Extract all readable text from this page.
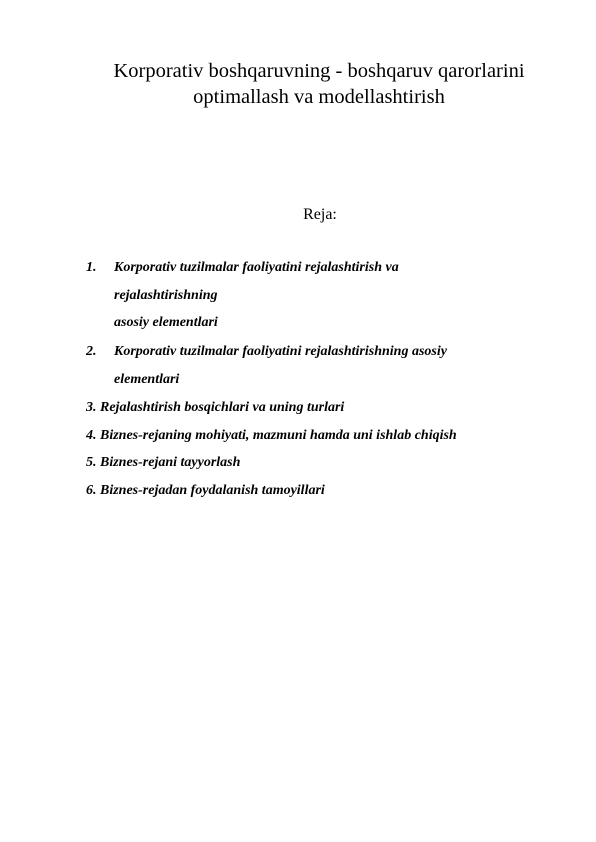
Korporativ boshqaruvning - boshqaruv qarorlarini
optimallash va modellashtirish
Reja:
1. Korporativ tuzilmalar faoliyatini rejalashtirish va
rejalashtirishning
asosiy elementlari
2. Korporativ tuzilmalar faoliyatini rejalashtirishning asosiy
elementlari
3. Rejalashtirish bosqichlari va uning turlari
4. Biznes-rejaning mohiyati, mazmuni hamda uni ishlab chiqish
5. Biznes-rejani tayyorlash
6. Biznes-rejadan foydalanish tamoyillari
